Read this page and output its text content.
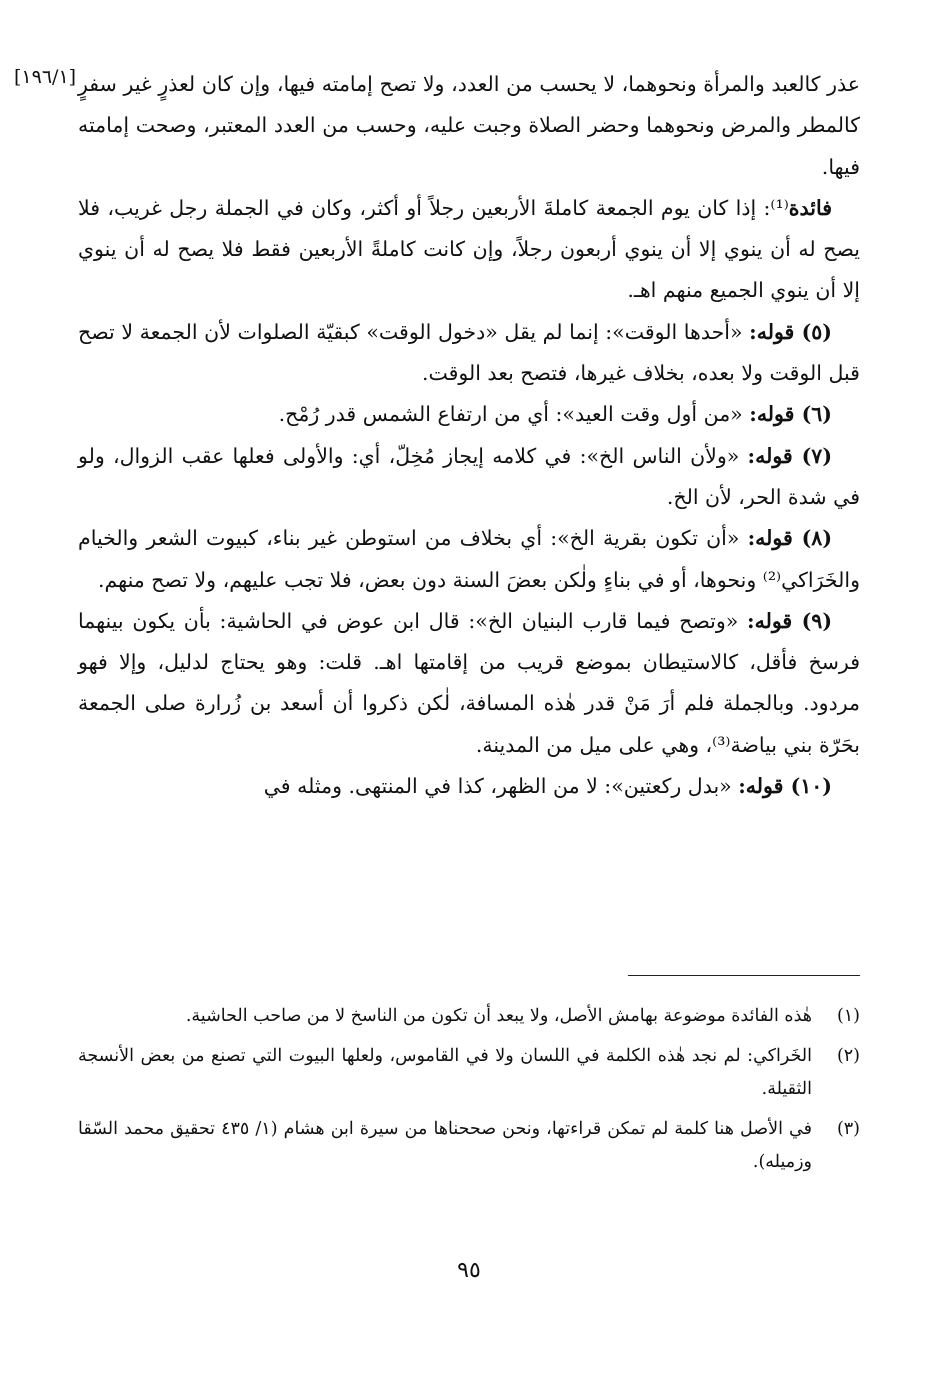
[١٩٦/١] عذر كالعبد والمرأة ونحوهما، لا يحسب من العدد، ولا تصح إمامته فيها، وإن كان لعذرٍ غير سفرٍ كالمطر والمرض ونحوهما وحضر الصلاة وجبت عليه، وحسب من العدد المعتبر، وصحت إمامته فيها.

فائدة⁽¹⁾: إذا كان يوم الجمعة كاملةَ الأربعين رجلاً أو أكثر، وكان في الجملة رجل غريب، فلا يصح له أن ينوي إلا أن ينوي أربعون رجلاً، وإن كانت كاملةً الأربعين فقط فلا يصح له أن ينوي إلا أن ينوي الجميع منهم اهـ.

(٥) قوله: «أحدها الوقت»: إنما لم يقل «دخول الوقت» كبقيّة الصلوات لأن الجمعة لا تصح قبل الوقت ولا بعده، بخلاف غيرها، فتصح بعد الوقت.

(٦) قوله: «من أول وقت العيد»: أي من ارتفاع الشمس قدر رُمْح.

(٧) قوله: «ولأن الناس الخ»: في كلامه إيجاز مُخِلّ، أي: والأولى فعلها عقب الزوال، ولو في شدة الحر، لأن الخ.

(٨) قوله: «أن تكون بقرية الخ»: أي بخلاف من استوطن غير بناء، كبيوت الشعر والخيام والخَرَاكي⁽²⁾ ونحوها، أو في بناءٍ ولٰكن بعضَ السنة دون بعض، فلا تجب عليهم، ولا تصح منهم.

(٩) قوله: «وتصح فيما قارب البنيان الخ»: قال ابن عوض في الحاشية: بأن يكون بينهما فرسخ فأقل، كالاستيطان بموضع قريب من إقامتها اهـ. قلت: وهو يحتاج لدليل، وإلا فهو مردود. وبالجملة فلم أرَ مَنْ قدر هٰذه المسافة، لٰكن ذكروا أن أسعد بن زُرارة صلى الجمعة بحَرّة بني بياضة⁽³⁾، وهي على ميل من المدينة.

(١٠) قوله: «بدل ركعتين»: لا من الظهر، كذا في المنتهى. ومثله في

(١)
هٰذه الفائدة موضوعة بهامش الأصل، ولا يبعد أن تكون من الناسخ لا من صاحب الحاشية.
(٢)
الخَراكي: لم نجد هٰذه الكلمة في اللسان ولا في القاموس، ولعلها البيوت التي تصنع من بعض الأنسجة الثقيلة.
(٣)
في الأصل هنا كلمة لم تمكن قراءتها، ونحن صححناها من سيرة ابن هشام (١/ ٤٣٥ تحقيق محمد السّقا وزميله).
٩٥
